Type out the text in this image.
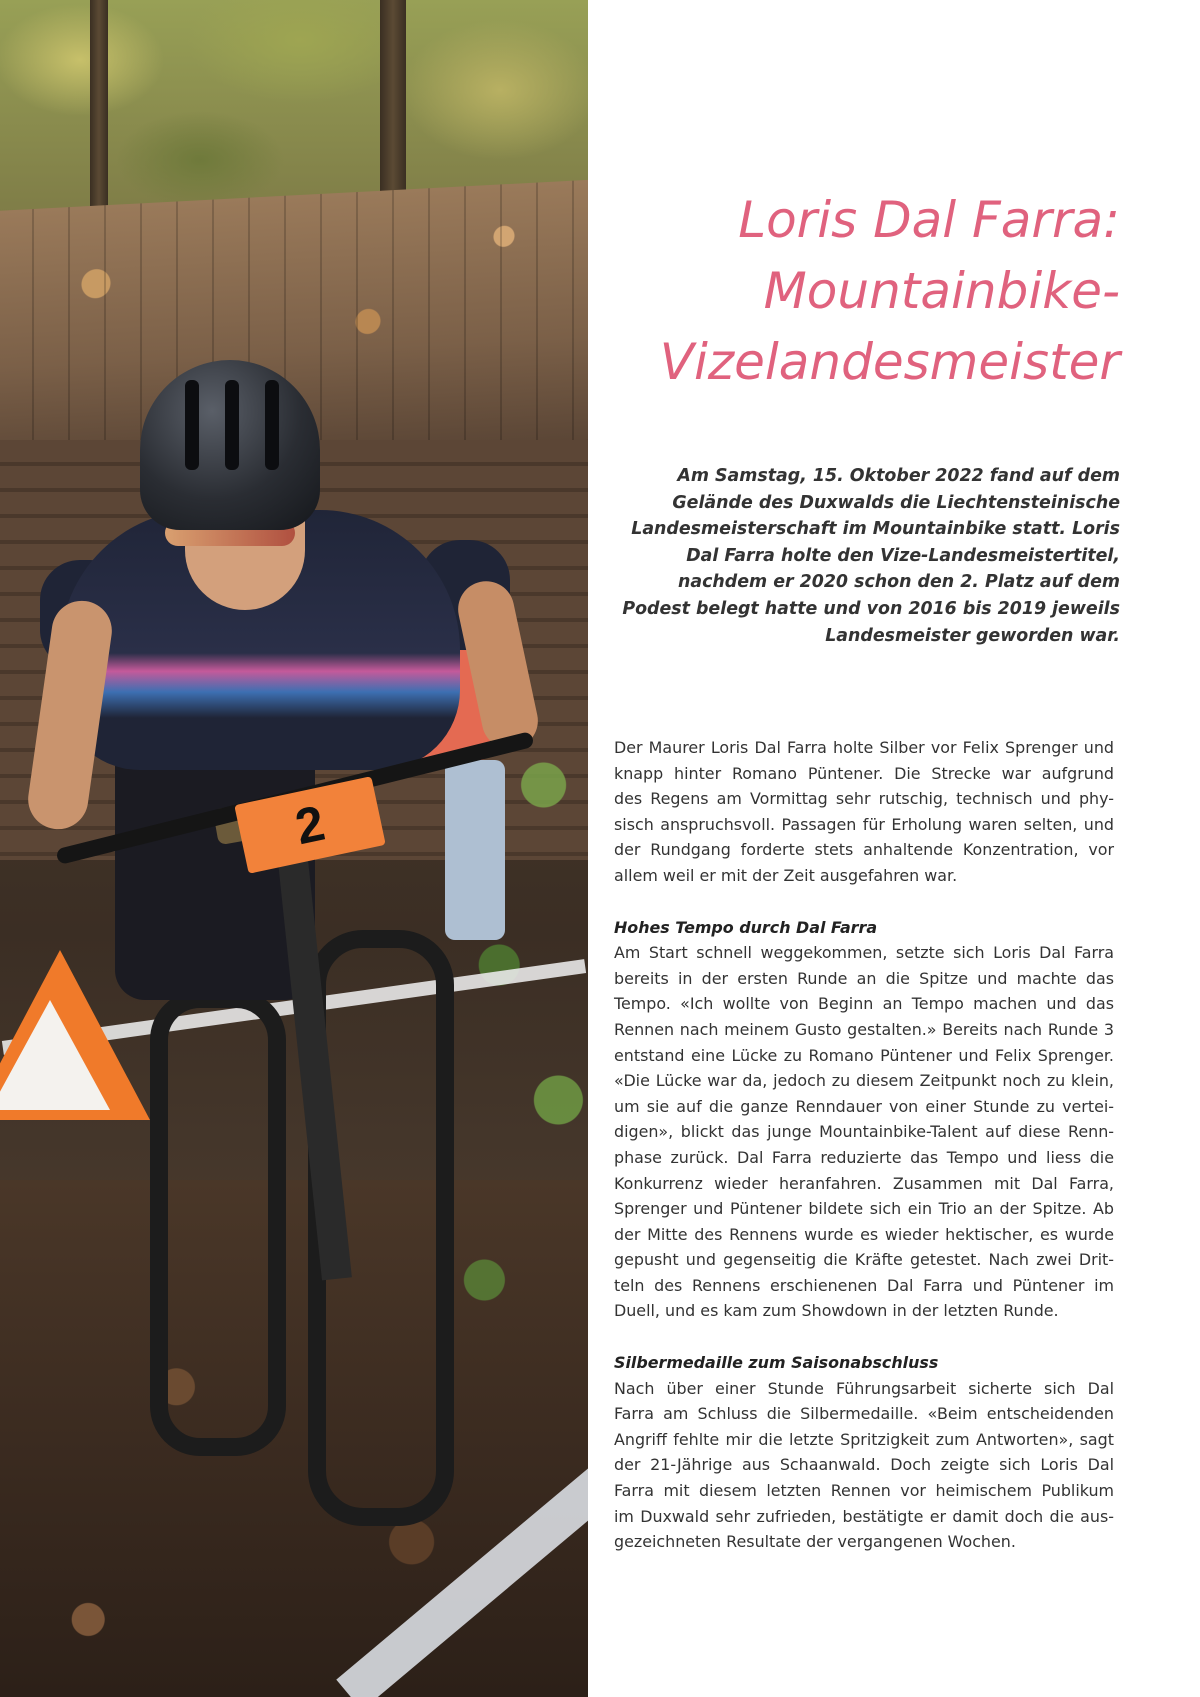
2
Loris Dal Farra:
Mountainbike-
Vizelandesmeister

Am Samstag, 15. Oktober 2022 fand auf dem
Gelände des Duxwalds die Liechtensteinische
Landesmeisterschaft im Mountainbike statt. Loris
Dal Farra holte den Vize-Landesmeistertitel,
nachdem er 2020 schon den 2. Platz auf dem
Podest belegt hatte und von 2016 bis 2019 jeweils
Landesmeister geworden war.

Der Maurer Loris Dal Farra holte Silber vor Felix Sprenger und
knapp hinter Romano Püntener. Die Strecke war aufgrund
des Regens am Vormittag sehr rutschig, technisch und phy-
sisch anspruchsvoll. Passagen für Erholung waren selten, und
der Rundgang forderte stets anhaltende Konzentration, vor
allem weil er mit der Zeit ausgefahren war.

Hohes Tempo durch Dal Farra

Am Start schnell weggekommen, setzte sich Loris Dal Farra
bereits in der ersten Runde an die Spitze und machte das
Tempo. «Ich wollte von Beginn an Tempo machen und das
Rennen nach meinem Gusto gestalten.» Bereits nach Runde 3
entstand eine Lücke zu Romano Püntener und Felix Sprenger.
«Die Lücke war da, jedoch zu diesem Zeitpunkt noch zu klein,
um sie auf die ganze Renndauer von einer Stunde zu vertei-
digen», blickt das junge Mountainbike-Talent auf diese Renn-
phase zurück. Dal Farra reduzierte das Tempo und liess die
Konkurrenz wieder heranfahren. Zusammen mit Dal Farra,
Sprenger und Püntener bildete sich ein Trio an der Spitze. Ab
der Mitte des Rennens wurde es wieder hektischer, es wurde
gepusht und gegenseitig die Kräfte getestet. Nach zwei Drit-
teln des Rennens erschienenen Dal Farra und Püntener im
Duell, und es kam zum Showdown in der letzten Runde.

Silbermedaille zum Saisonabschluss

Nach über einer Stunde Führungsarbeit sicherte sich Dal
Farra am Schluss die Silbermedaille. «Beim entscheidenden
Angriff fehlte mir die letzte Spritzigkeit zum Antworten», sagt
der 21-Jährige aus Schaanwald. Doch zeigte sich Loris Dal
Farra mit diesem letzten Rennen vor heimischem Publikum
im Duxwald sehr zufrieden, bestätigte er damit doch die aus-
gezeichneten Resultate der vergangenen Wochen.
